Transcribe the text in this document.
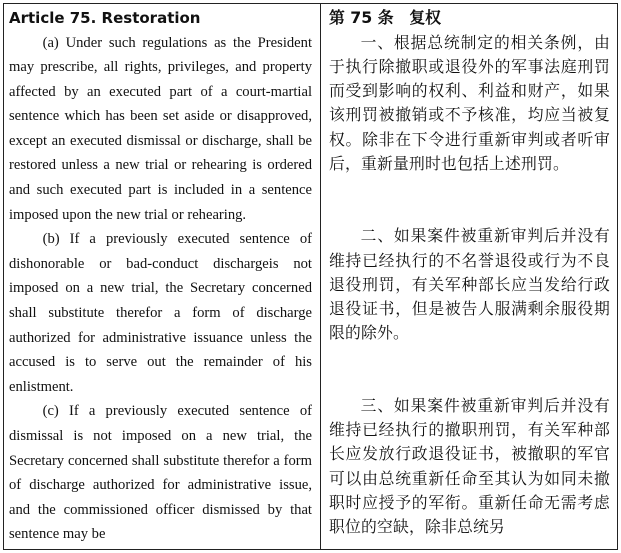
Article 75. Restoration

(a) Under such regulations as the President may prescribe, all rights, privileges, and property affected by an executed part of a court-martial sentence which has been set aside or disapproved, except an executed dismissal or discharge, shall be restored unless a new trial or rehearing is ordered and such executed part is included in a sentence imposed upon the new trial or rehearing.

(b) If a previously executed sentence of dishonorable or bad-conduct dischargeis not imposed on a new trial, the Secretary concerned shall substitute therefor a form of discharge authorized for administrative issuance unless the accused is to serve out the remainder of his enlistment.

(c) If a previously executed sentence of dismissal is not imposed on a new trial, the Secretary concerned shall substitute therefor a form of discharge authorized for administrative issue, and the commissioned officer dismissed by that sentence may be

第 75 条　复权

一、根据总统制定的相关条例，由于执行除撤职或退役外的军事法庭刑罚而受到影响的权利、利益和财产，如果该刑罚被撤销或不予核准，均应当被复权。除非在下令进行重新审判或者听审后，重新量刑时也包括上述刑罚。

二、如果案件被重新审判后并没有维持已经执行的不名誉退役或行为不良退役刑罚，有关军种部长应当发给行政退役证书，但是被告人服满剩余服役期限的除外。

三、如果案件被重新审判后并没有维持已经执行的撤职刑罚，有关军种部长应发放行政退役证书，被撤职的军官可以由总统重新任命至其认为如同未撤职时应授予的军衔。重新任命无需考虑职位的空缺，除非总统另
